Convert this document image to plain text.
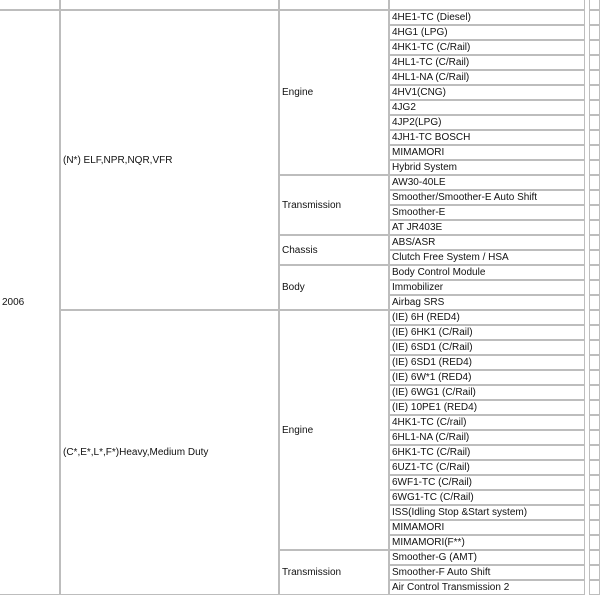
4HE1-TC (Diesel)
4HG1 (LPG)
4HK1-TC (C/Rail)
4HL1-TC (C/Rail)
4HL1-NA (C/Rail)
4HV1(CNG)
4JG2
4JP2(LPG)
4JH1-TC BOSCH
MIMAMORI
Hybrid System
Engine
AW30-40LE
Smoother/Smoother-E Auto Shift
Smoother-E
AT JR403E
Transmission
ABS/ASR
Clutch Free System / HSA
Chassis
Body Control Module
Immobilizer
Airbag SRS
Body
(N*) ELF,NPR,NQR,VFR
(IE) 6H (RED4)
(IE) 6HK1 (C/Rail)
(IE) 6SD1 (C/Rail)
(IE) 6SD1 (RED4)
(IE) 6W*1 (RED4)
(IE) 6WG1 (C/Rail)
(IE) 10PE1 (RED4)
4HK1-TC (C/rail)
6HL1-NA (C/Rail)
6HK1-TC (C/Rail)
6UZ1-TC (C/Rail)
6WF1-TC (C/Rail)
6WG1-TC (C/Rail)
ISS(Idling Stop &Start system)
MIMAMORI
MIMAMORI(F**)
Engine
Smoother-G (AMT)
Smoother-F Auto Shift
Air Control Transmission 2
Transmission
(C*,E*,L*,F*)Heavy,Medium Duty
2006
